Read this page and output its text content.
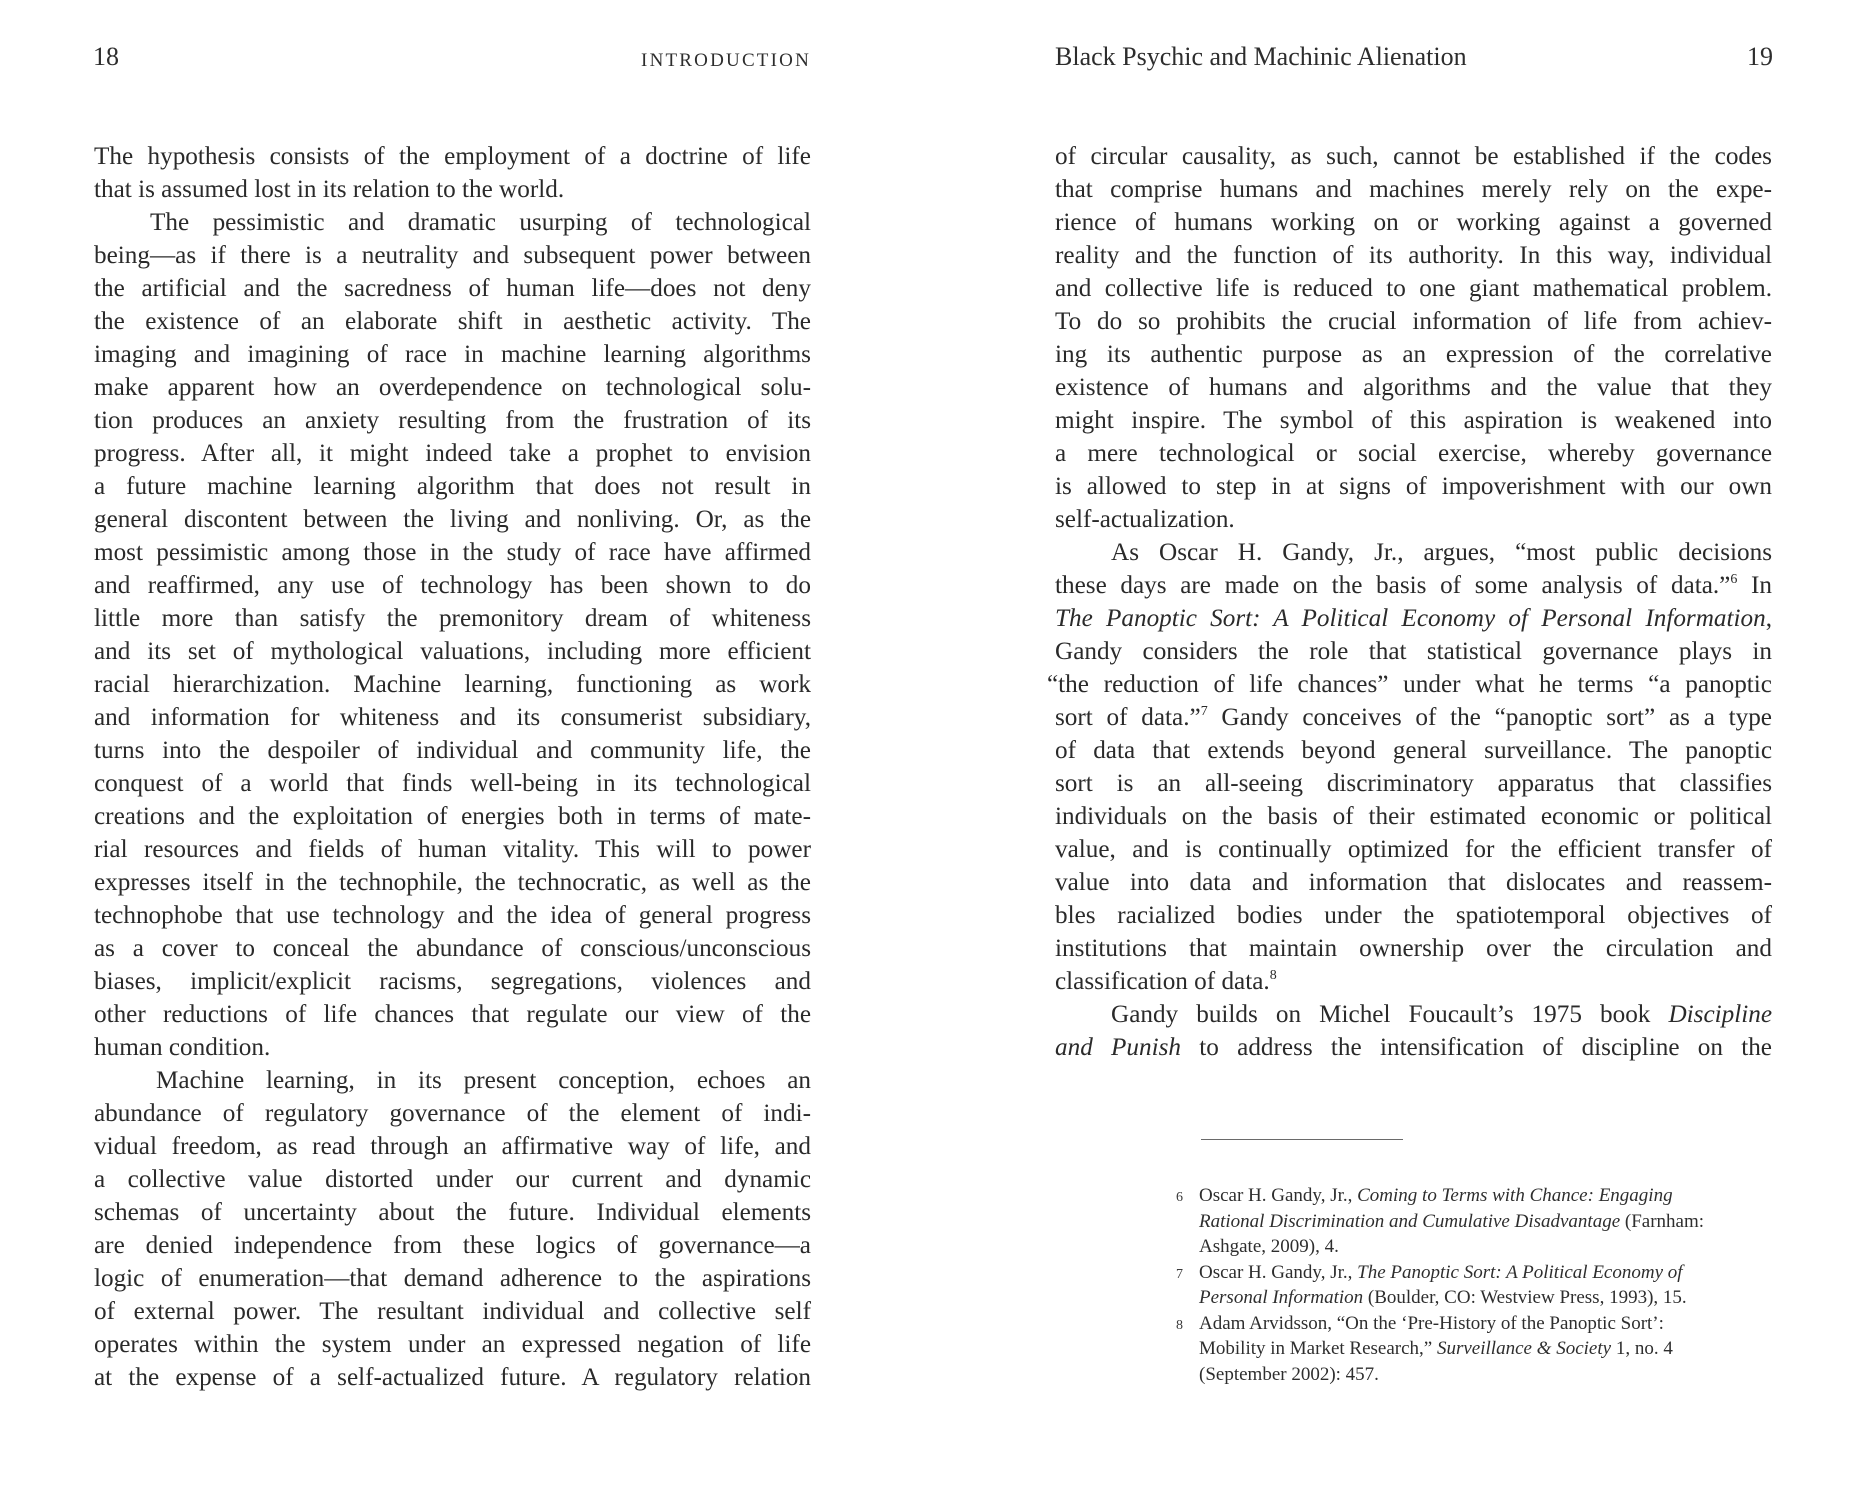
18	INTRODUCTION

The hypothesis consists of the employment of a doctrine of life
that is assumed lost in its relation to the world.

The pessimistic and dramatic usurping of technological
being—as if there is a neutrality and subsequent power between
the artificial and the sacredness of human life—does not deny
the existence of an elaborate shift in aesthetic activity. The
imaging and imagining of race in machine learning algorithms
make apparent how an overdependence on technological solu-
tion produces an anxiety resulting from the frustration of its
progress. After all, it might indeed take a prophet to envision
a future machine learning algorithm that does not result in
general discontent between the living and nonliving. Or, as the
most pessimistic among those in the study of race have affirmed
and reaffirmed, any use of technology has been shown to do
little more than satisfy the premonitory dream of whiteness
and its set of mythological valuations, including more efficient
racial hierarchization. Machine learning, functioning as work
and information for whiteness and its consumerist subsidiary,
turns into the despoiler of individual and community life, the
conquest of a world that finds well-being in its technological
creations and the exploitation of energies both in terms of mate-
rial resources and fields of human vitality. This will to power
expresses itself in the technophile, the technocratic, as well as the
technophobe that use technology and the idea of general progress
as a cover to conceal the abundance of conscious/unconscious
biases, implicit/explicit racisms, segregations, violences and
other reductions of life chances that regulate our view of the
human condition.

Machine learning, in its present conception, echoes an
abundance of regulatory governance of the element of indi-
vidual freedom, as read through an affirmative way of life, and
a collective value distorted under our current and dynamic
schemas of uncertainty about the future. Individual elements
are denied independence from these logics of governance—a
logic of enumeration—that demand adherence to the aspirations
of external power. The resultant individual and collective self
operates within the system under an expressed negation of life
at the expense of a self-actualized future. A regulatory relation

Black Psychic and Machinic Alienation	19

of circular causality, as such, cannot be established if the codes
that comprise humans and machines merely rely on the expe-
rience of humans working on or working against a governed
reality and the function of its authority. In this way, individual
and collective life is reduced to one giant mathematical problem.
To do so prohibits the crucial information of life from achiev-
ing its authentic purpose as an expression of the correlative
existence of humans and algorithms and the value that they
might inspire. The symbol of this aspiration is weakened into
a mere technological or social exercise, whereby governance
is allowed to step in at signs of impoverishment with our own
self-actualization.

As Oscar H. Gandy, Jr., argues, “most public decisions
these days are made on the basis of some analysis of data.”$^6$ In
The Panoptic Sort: A Political Economy of Personal Information,
Gandy considers the role that statistical governance plays in
“the reduction of life chances” under what he terms “a panoptic
sort of data.”$^7$ Gandy conceives of the “panoptic sort” as a type
of data that extends beyond general surveillance. The panoptic
sort is an all-seeing discriminatory apparatus that classifies
individuals on the basis of their estimated economic or political
value, and is continually optimized for the efficient transfer of
value into data and information that dislocates and reassem-
bles racialized bodies under the spatiotemporal objectives of
institutions that maintain ownership over the circulation and
classification of data.$^8$

Gandy builds on Michel Foucault’s 1975 book Discipline
and Punish to address the intensification of discipline on the

6 Oscar H. Gandy, Jr., Coming to Terms with Chance: Engaging
Rational Discrimination and Cumulative Disadvantage (Farnham:
Ashgate, 2009), 4.
7 Oscar H. Gandy, Jr., The Panoptic Sort: A Political Economy of
Personal Information (Boulder, CO: Westview Press, 1993), 15.
8 Adam Arvidsson, “On the ‘Pre-History of the Panoptic Sort’:
Mobility in Market Research,” Surveillance & Society 1, no. 4
(September 2002): 457.
